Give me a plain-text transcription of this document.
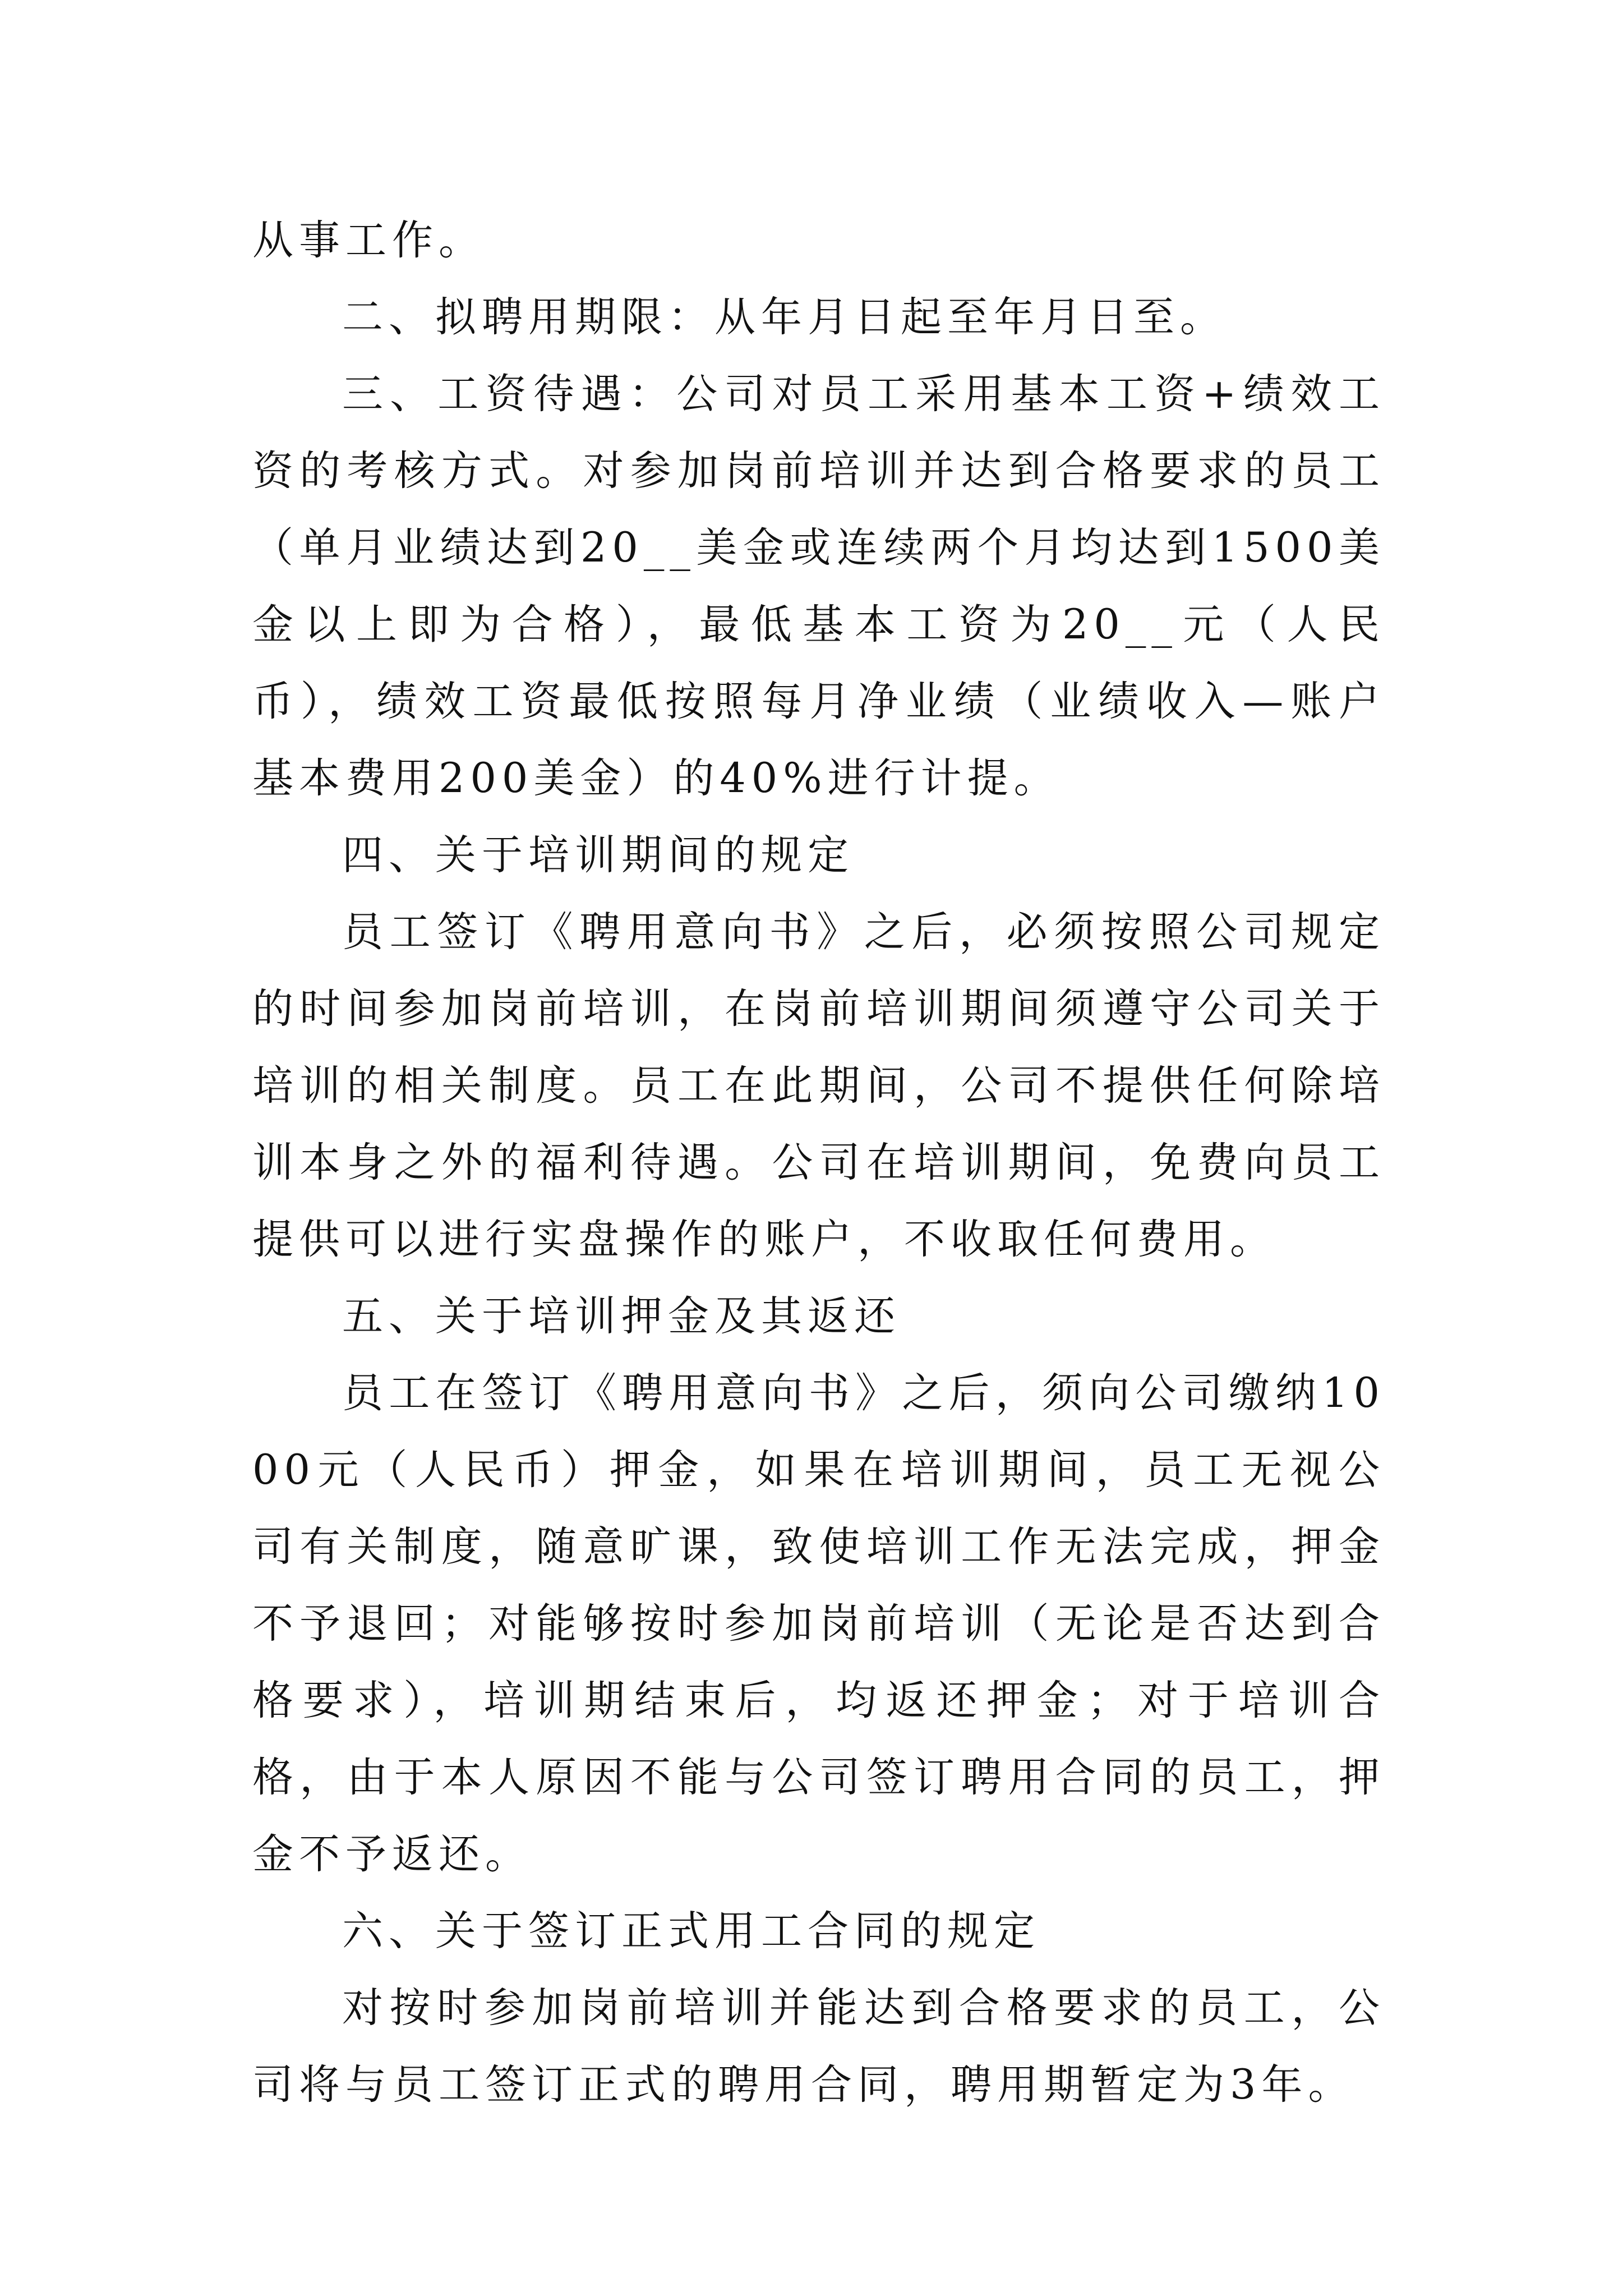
从事工作。

二、拟聘用期限：从年月日起至年月日至。

三、工资待遇：公司对员工采用基本工资+绩效工资的考核方式。对参加岗前培训并达到合格要求的员工（单月业绩达到20__美金或连续两个月均达到1500美金以上即为合格），最低基本工资为20__元（人民币），绩效工资最低按照每月净业绩（业绩收入—账户基本费用200美金）的40%进行计提。

四、关于培训期间的规定

员工签订《聘用意向书》之后，必须按照公司规定的时间参加岗前培训，在岗前培训期间须遵守公司关于培训的相关制度。员工在此期间，公司不提供任何除培训本身之外的福利待遇。公司在培训期间，免费向员工提供可以进行实盘操作的账户，不收取任何费用。

五、关于培训押金及其返还

员工在签订《聘用意向书》之后，须向公司缴纳1000元（人民币）押金，如果在培训期间，员工无视公司有关制度，随意旷课，致使培训工作无法完成，押金不予退回；对能够按时参加岗前培训（无论是否达到合格要求），培训期结束后，均返还押金；对于培训合格，由于本人原因不能与公司签订聘用合同的员工，押金不予返还。

六、关于签订正式用工合同的规定

对按时参加岗前培训并能达到合格要求的员工，公司将与员工签订正式的聘用合同，聘用期暂定为3年。
